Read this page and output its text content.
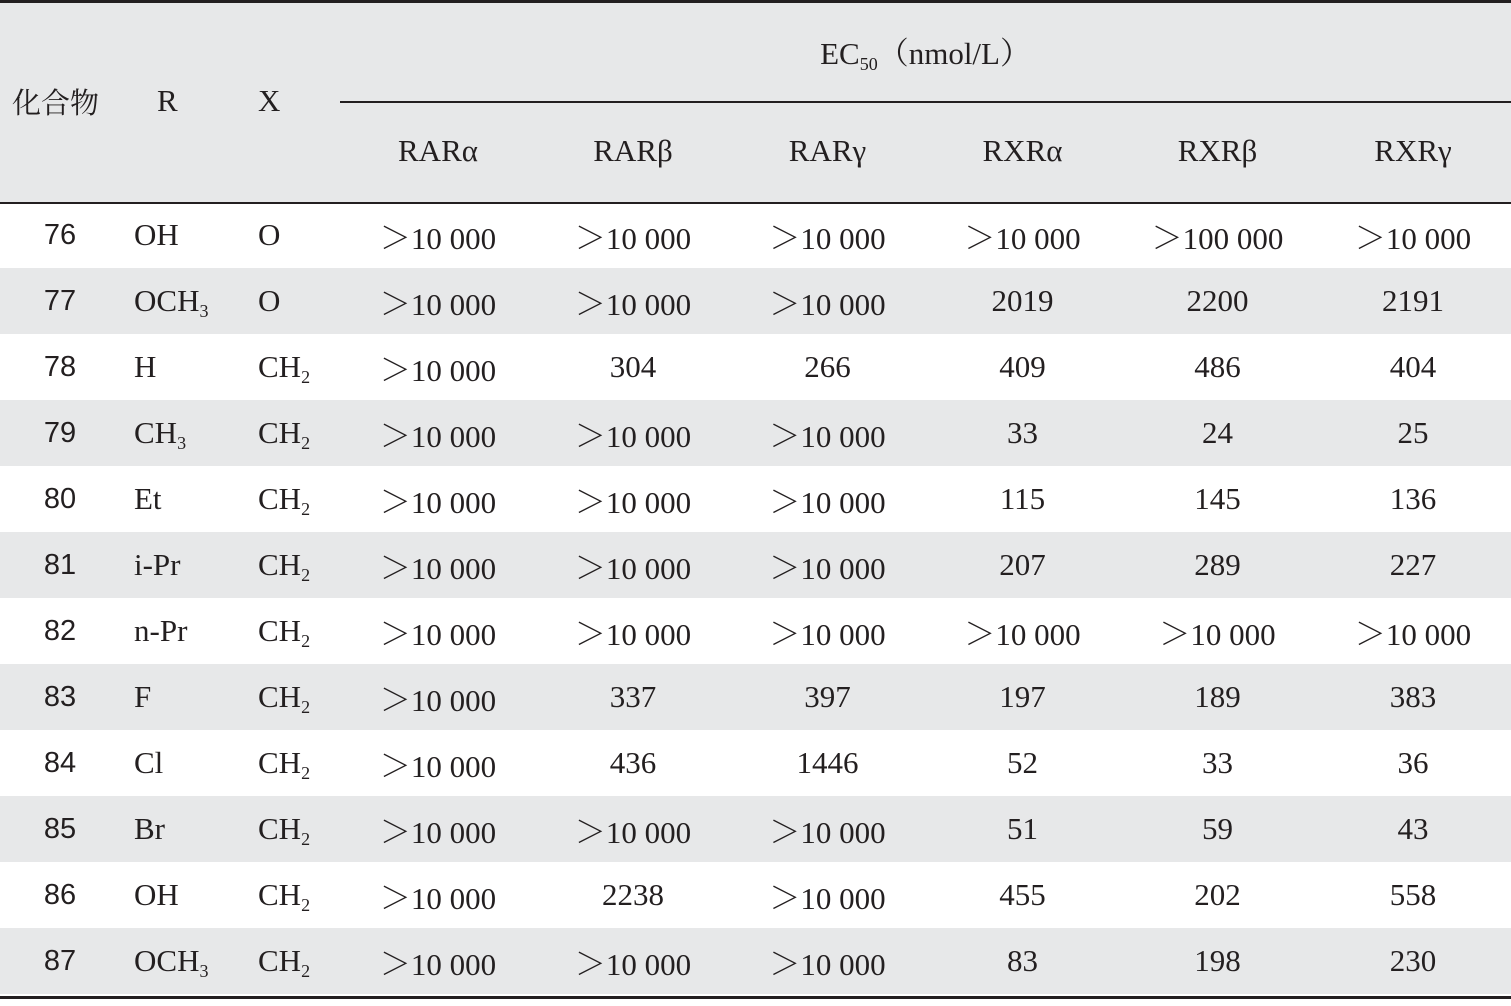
化合物	R	X	$EC_{50}(nmol/L)$					
			RARα	RARβ	RARγ	RXRα	RXRβ	RXRγ
76	OH	O	＞10 000	＞10 000	＞10 000	＞10 000	＞100 000	＞10 000
77	$OCH_3$	O	＞10 000	＞10 000	＞10 000	2019	2200	2191
78	H	$CH_2$	＞10 000	304	266	409	486	404
79	$CH_3$	$CH_2$	＞10 000	＞10 000	＞10 000	33	24	25
80	Et	$CH_2$	＞10 000	＞10 000	＞10 000	115	145	136
81	i-Pr	$CH_2$	＞10 000	＞10 000	＞10 000	207	289	227
82	n-Pr	$CH_2$	＞10 000	＞10 000	＞10 000	＞10 000	＞10 000	＞10 000
83	F	$CH_2$	＞10 000	337	397	197	189	383
84	Cl	$CH_2$	＞10 000	436	1446	52	33	36
85	Br	$CH_2$	＞10 000	＞10 000	＞10 000	51	59	43
86	OH	$CH_2$	＞10 000	2238	＞10 000	455	202	558
87	$OCH_3$	$CH_2$	＞10 000	＞10 000	＞10 000	83	198	230
